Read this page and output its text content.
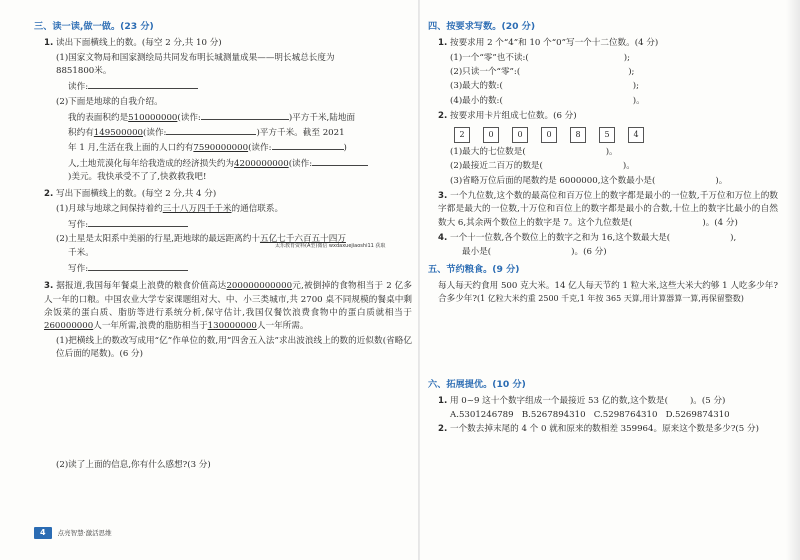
三、读一读,做一做。(23 分)
1. 读出下面横线上的数。(每空 2 分,共 10 分)
(1)国家文物局和国家测绘局共同发布明长城测量成果——明长城总长度为
8851800米。
读作:
(2)下面是地球的自我介绍。
我的表面积约是510000000(读作:	)平方千米,陆地面
积约有149500000(读作:	)平方千米。截至 2021
年 1 月,生活在我上面的人口约有7590000000(读作:	)
人,土地荒漠化每年给我造成的经济损失约为4200000000(读作:
)美元。我快承受不了了,快救救我吧!
2. 写出下面横线上的数。(每空 2 分,共 4 分)
(1)月球与地球之间保持着约三十八万四千千米的通信联系。
写作:
(2)土星是太阳系中美丽的行星,距地球的最远距离约十五亿七千六百五十四万
千米。
写作:
3. 据报道,我国每年餐桌上浪费的粮食价值高达200000000000元,被倒掉的食物相当于 2 亿多人一年的口粮。中国农业大学专家课题组对大、中、小三类城市,共 2700 桌不同规模的餐桌中剩余饭菜的蛋白质、脂肪等进行系统分析,保守估计,我国仅餐饮浪费食物中的蛋白质就相当于260000000人一年所需,浪费的脂肪相当于130000000人一年所需。
(1)把横线上的数改写成用“亿”作单位的数,用“四舍五入法”求出波浪线上的数的近似数(省略亿位后面的尾数)。(6 分)
(2)读了上面的信息,你有什么感想?(3 分)
太乐教育资料(A型)微信 wxdaxuejiaoshi11 获取
4	点亮智慧·激活思维
四、按要求写数。(20 分)
1. 按要求用 2 个“4”和 10 个“0”写一个十二位数。(4 分)
(1)一个“零”也不读:(	);
(2)只读一个“零”:(	);
(3)最大的数:(	);
(4)最小的数:(	)。
2. 按要求用卡片组成七位数。(6 分)
2	0	0	0	8	5	4
(1)最大的七位数是(	)。
(2)最接近二百万的数是(	)。
(3)省略万位后面的尾数约是 6000000,这个数最小是(	)。
3. 一个九位数,这个数的最高位和百万位上的数字都是最小的一位数,千万位和万位上的数字都是最大的一位数,十万位和百位上的数字都是最小的合数,十位上的数字比最小的自然数大 6,其余两个数位上的数字是 7。这个九位数是(	)。(4 分)
4. 一个十一位数,各个数位上的数字之和为 16,这个数最大是(	),
最小是(	)。(6 分)
五、节约粮食。(9 分)
每人每天约食用 500 克大米。14 亿人每天节约 1 粒大米,这些大米大约够 1 人吃多少年?合多少年?(1 亿粒大米约重 2500 千克,1 年按 365 天算,用计算器算一算,再保留整数)
六、拓展提优。(10 分)
1. 用 0~9 这十个数字组成一个最接近 53 亿的数,这个数是(	)。(5 分)
A.5301246789 B.5267894310 C.5298764310 D.5269874310
2. 一个数去掉末尾的 4 个 0 就和原来的数相差 359964。原来这个数是多少?(5 分)
